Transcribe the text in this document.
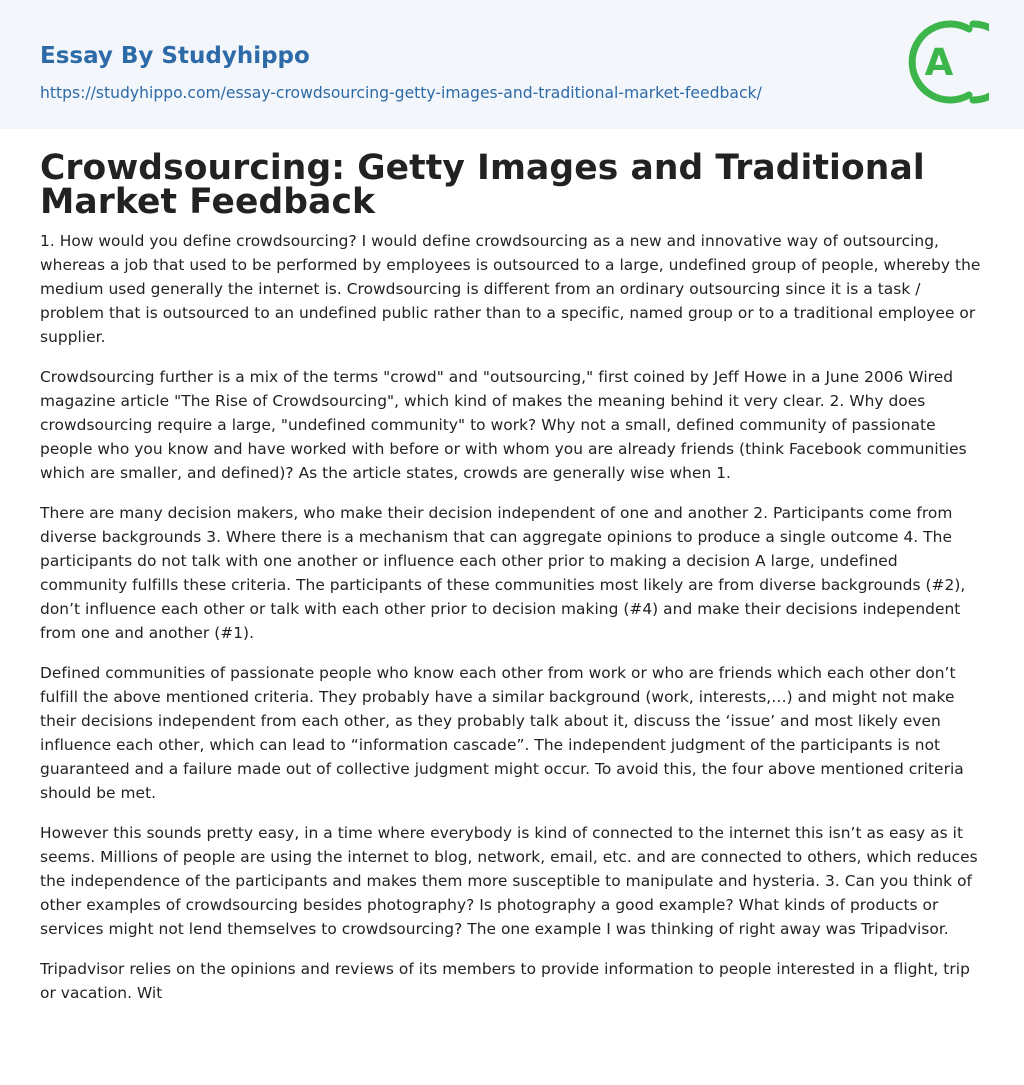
Essay By Studyhippo
https://studyhippo.com/essay-crowdsourcing-getty-images-and-traditional-market-feedback/
A
Crowdsourcing: Getty Images and Traditional Market Feedback

1. How would you define crowdsourcing? I would define crowdsourcing as a new and innovative way of outsourcing, whereas a job that used to be performed by employees is outsourced to a large, undefined group of people, whereby the medium used generally the internet is. Crowdsourcing is different from an ordinary outsourcing since it is a task / problem that is outsourced to an undefined public rather than to a specific, named group or to a traditional employee or supplier.

Crowdsourcing further is a mix of the terms "crowd" and "outsourcing," first coined by Jeff Howe in a June 2006 Wired magazine article "The Rise of Crowdsourcing", which kind of makes the meaning behind it very clear. 2. Why does crowdsourcing require a large, "undefined community" to work? Why not a small, defined community of passionate people who you know and have worked with before or with whom you are already friends (think Facebook communities which are smaller, and defined)? As the article states, crowds are generally wise when 1.

There are many decision makers, who make their decision independent of one and another 2. Participants come from diverse backgrounds 3. Where there is a mechanism that can aggregate opinions to produce a single outcome 4. The participants do not talk with one another or influence each other prior to making a decision A large, undefined community fulfills these criteria. The participants of these communities most likely are from diverse backgrounds (#2), don’t influence each other or talk with each other prior to decision making (#4) and make their decisions independent from one and another (#1).

Defined communities of passionate people who know each other from work or who are friends which each other don’t fulfill the above mentioned criteria. They probably have a similar background (work, interests,…) and might not make their decisions independent from each other, as they probably talk about it, discuss the ‘issue’ and most likely even influence each other, which can lead to “information cascade”. The independent judgment of the participants is not guaranteed and a failure made out of collective judgment might occur. To avoid this, the four above mentioned criteria should be met.

However this sounds pretty easy, in a time where everybody is kind of connected to the internet this isn’t as easy as it seems. Millions of people are using the internet to blog, network, email, etc. and are connected to others, which reduces the independence of the participants and makes them more susceptible to manipulate and hysteria. 3. Can you think of other examples of crowdsourcing besides photography? Is photography a good example? What kinds of products or services might not lend themselves to crowdsourcing? The one example I was thinking of right away was Tripadvisor.

Tripadvisor relies on the opinions and reviews of its members to provide information to people interested in a flight, trip or vacation. Wit
